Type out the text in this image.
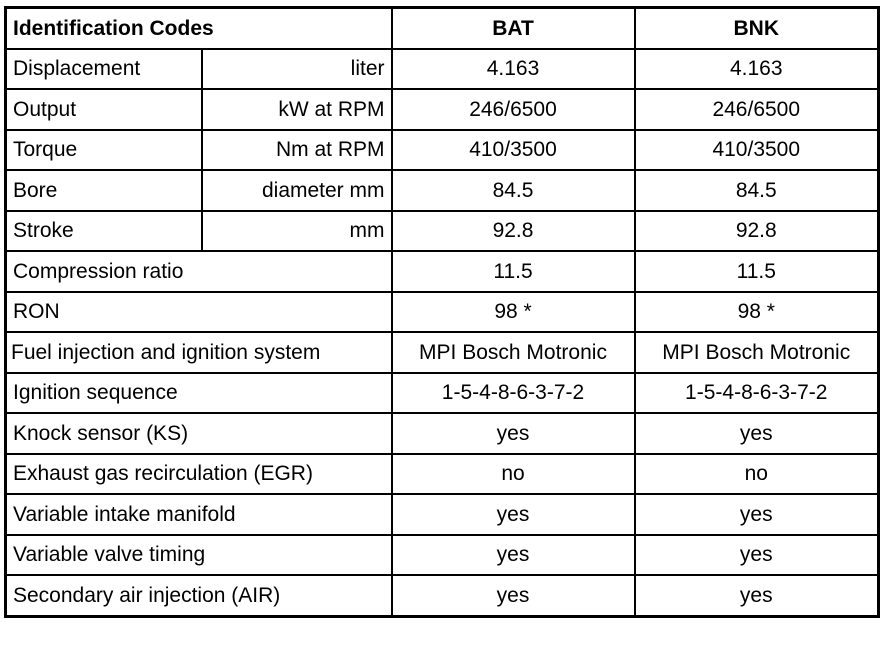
Identification Codes		BAT	BNK
Displacement	liter	4.163	4.163
Output	kW at RPM	246/6500	246/6500
Torque	Nm at RPM	410/3500	410/3500
Bore	diameter mm	84.5	84.5
Stroke	mm	92.8	92.8
Compression ratio		11.5	11.5
RON		98 *	98 *
Fuel injection and ignition system		MPI Bosch Motronic	MPI Bosch Motronic
Ignition sequence		1-5-4-8-6-3-7-2	1-5-4-8-6-3-7-2
Knock sensor (KS)		yes	yes
Exhaust gas recirculation (EGR)		no	no
Variable intake manifold		yes	yes
Variable valve timing		yes	yes
Secondary air injection (AIR)		yes	yes
